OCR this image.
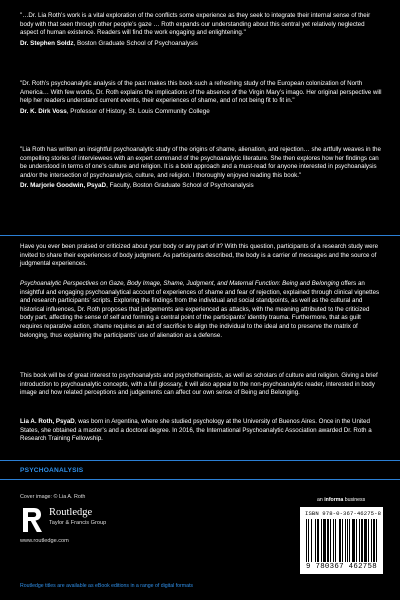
"…Dr. Lia Roth’s work is a vital exploration of the conflicts some experience as they seek to integrate their internal sense of their body with that seen through other people’s gaze … Roth expands our understanding about this central yet relatively neglected aspect of human existence. Readers will find the work engaging and enlightening."

Dr. Stephen Soldz, Boston Graduate School of Psychoanalysis

"Dr. Roth’s psychoanalytic analysis of the past makes this book such a refreshing study of the European colonization of North America… With few words, Dr. Roth explains the implications of the absence of the Virgin Mary’s imago. Her original perspective will help her readers understand current events, their experiences of shame, and of not being fit to fit in."

Dr. K. Dirk Voss, Professor of History, St. Louis Community College

"Lia Roth has written an insightful psychoanalytic study of the origins of shame, alienation, and rejection… she artfully weaves in the compelling stories of interviewees with an expert command of the psychoanalytic literature. She then explores how her findings can be understood in terms of one’s culture and religion. It is a bold approach and a must-read for anyone interested in psychoanalysis and/or the intersection of psychoanalysis, culture, and religion. I thoroughly enjoyed reading this book."

Dr. Marjorie Goodwin, PsyaD, Faculty, Boston Graduate School of Psychoanalysis

Have you ever been praised or criticized about your body or any part of it? With this question, participants of a research study were invited to share their experiences of body judgment. As participants described, the body is a carrier of messages and the source of judgmental experiences.

Psychoanalytic Perspectives on Gaze, Body Image, Shame, Judgment, and Maternal Function: Being and Belonging offers an insightful and engaging psychoanalytical account of experiences of shame and fear of rejection, explained through clinical vignettes and research participants’ scripts. Exploring the findings from the individual and social standpoints, as well as the cultural and historical influences, Dr. Roth proposes that judgements are experienced as attacks, with the meaning attributed to the criticized body part, affecting the sense of self and forming a central point of the participants’ identity trauma. Furthermore, that as guilt requires reparative action, shame requires an act of sacrifice to align the individual to the ideal and to preserve the matrix of belonging, thus explaining the participants’ use of alienation as a defense.

This book will be of great interest to psychoanalysts and psychotherapists, as well as scholars of culture and religion. Giving a brief introduction to psychoanalytic concepts, with a full glossary, it will also appeal to the non-psychoanalytic reader, interested in body image and how related perceptions and judgements can affect our own sense of Being and Belonging.

Lia A. Roth, PsyaD, was born in Argentina, where she studied psychology at the University of Buenos Aires. Once in the United States, she obtained a master’s and a doctoral degree. In 2016, the International Psychoanalytic Association awarded Dr. Roth a Research Training Fellowship.

PSYCHOANALYSIS
Cover image: © Lia A. Roth
Routledge
Taylor & Francis Group
www.routledge.com
an informa business
ISBN 978-0-367-46275-8
9 780367 462758
Routledge titles are available as eBook editions in a range of digital formats
